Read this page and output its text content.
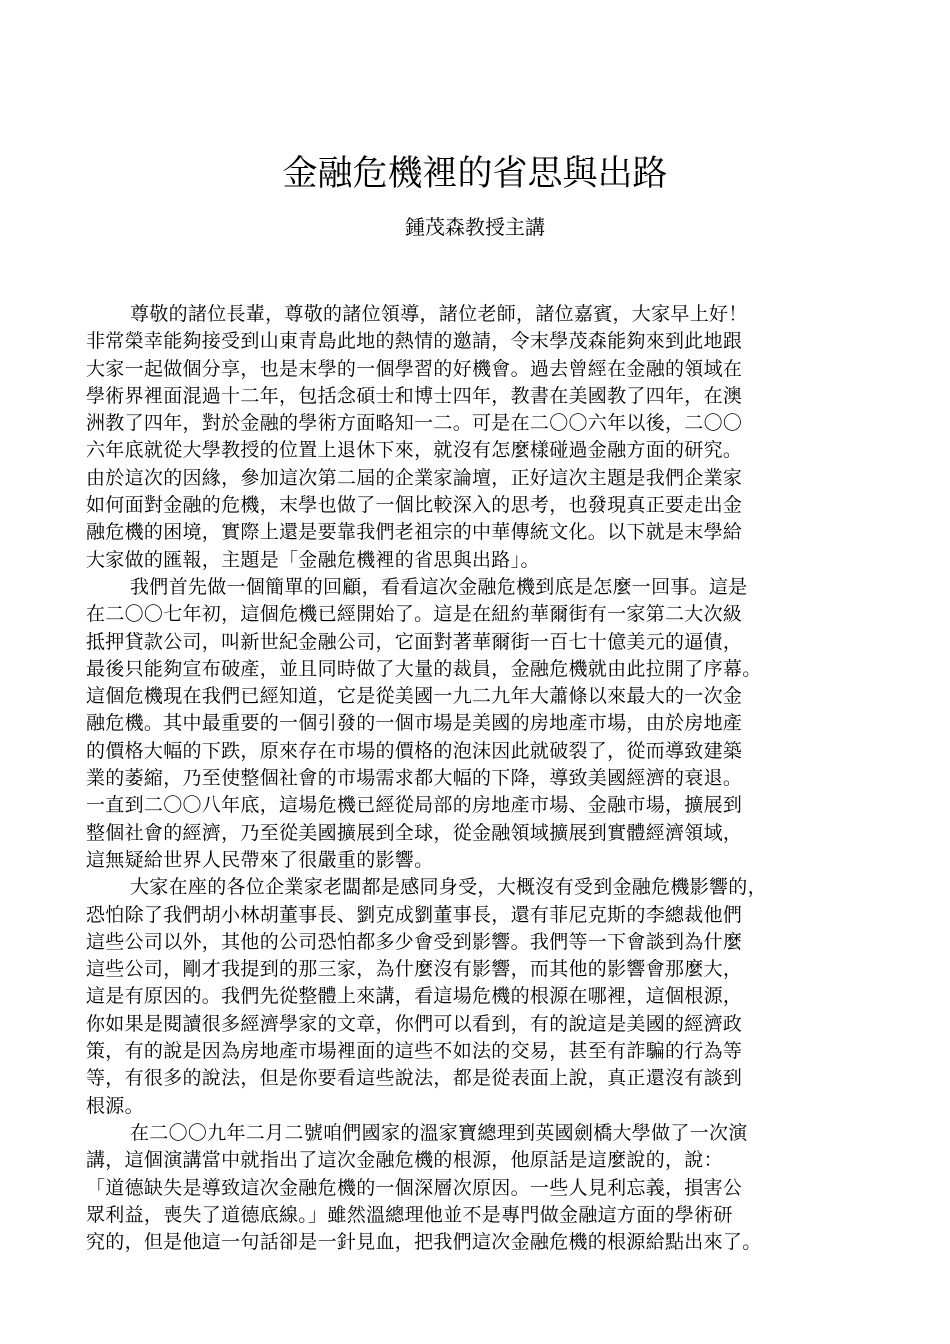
金融危機裡的省思與出路
鍾茂森教授主講
尊敬的諸位長輩，尊敬的諸位領導，諸位老師，諸位嘉賓，大家早上好！
非常榮幸能夠接受到山東青島此地的熱情的邀請，令末學茂森能夠來到此地跟
大家一起做個分享，也是末學的一個學習的好機會。過去曾經在金融的領域在
學術界裡面混過十二年，包括念碩士和博士四年，教書在美國教了四年，在澳
洲教了四年，對於金融的學術方面略知一二。可是在二〇〇六年以後，二〇〇
六年底就從大學教授的位置上退休下來，就沒有怎麼樣碰過金融方面的研究。
由於這次的因緣，參加這次第二屆的企業家論壇，正好這次主題是我們企業家
如何面對金融的危機，末學也做了一個比較深入的思考，也發現真正要走出金
融危機的困境，實際上還是要靠我們老祖宗的中華傳統文化。以下就是末學給
大家做的匯報，主題是「金融危機裡的省思與出路」。
我們首先做一個簡單的回顧，看看這次金融危機到底是怎麼一回事。這是
在二〇〇七年初，這個危機已經開始了。這是在紐約華爾街有一家第二大次級
抵押貸款公司，叫新世紀金融公司，它面對著華爾街一百七十億美元的逼債，
最後只能夠宣布破產，並且同時做了大量的裁員，金融危機就由此拉開了序幕。
這個危機現在我們已經知道，它是從美國一九二九年大蕭條以來最大的一次金
融危機。其中最重要的一個引發的一個市場是美國的房地產市場，由於房地產
的價格大幅的下跌，原來存在市場的價格的泡沫因此就破裂了，從而導致建築
業的萎縮，乃至使整個社會的市場需求都大幅的下降，導致美國經濟的衰退。
一直到二〇〇八年底，這場危機已經從局部的房地產市場、金融市場，擴展到
整個社會的經濟，乃至從美國擴展到全球，從金融領域擴展到實體經濟領域，
這無疑給世界人民帶來了很嚴重的影響。
大家在座的各位企業家老闆都是感同身受，大概沒有受到金融危機影響的，
恐怕除了我們胡小林胡董事長、劉克成劉董事長，還有菲尼克斯的李總裁他們
這些公司以外，其他的公司恐怕都多少會受到影響。我們等一下會談到為什麼
這些公司，剛才我提到的那三家，為什麼沒有影響，而其他的影響會那麼大，
這是有原因的。我們先從整體上來講，看這場危機的根源在哪裡，這個根源，
你如果是閱讀很多經濟學家的文章，你們可以看到，有的說這是美國的經濟政
策，有的說是因為房地產市場裡面的這些不如法的交易，甚至有詐騙的行為等
等，有很多的說法，但是你要看這些說法，都是從表面上說，真正還沒有談到
根源。
在二〇〇九年二月二號咱們國家的溫家寶總理到英國劍橋大學做了一次演
講，這個演講當中就指出了這次金融危機的根源，他原話是這麼說的，說：
「道德缺失是導致這次金融危機的一個深層次原因。一些人見利忘義，損害公
眾利益，喪失了道德底線。」雖然溫總理他並不是專門做金融這方面的學術研
究的，但是他這一句話卻是一針見血，把我們這次金融危機的根源給點出來了。
